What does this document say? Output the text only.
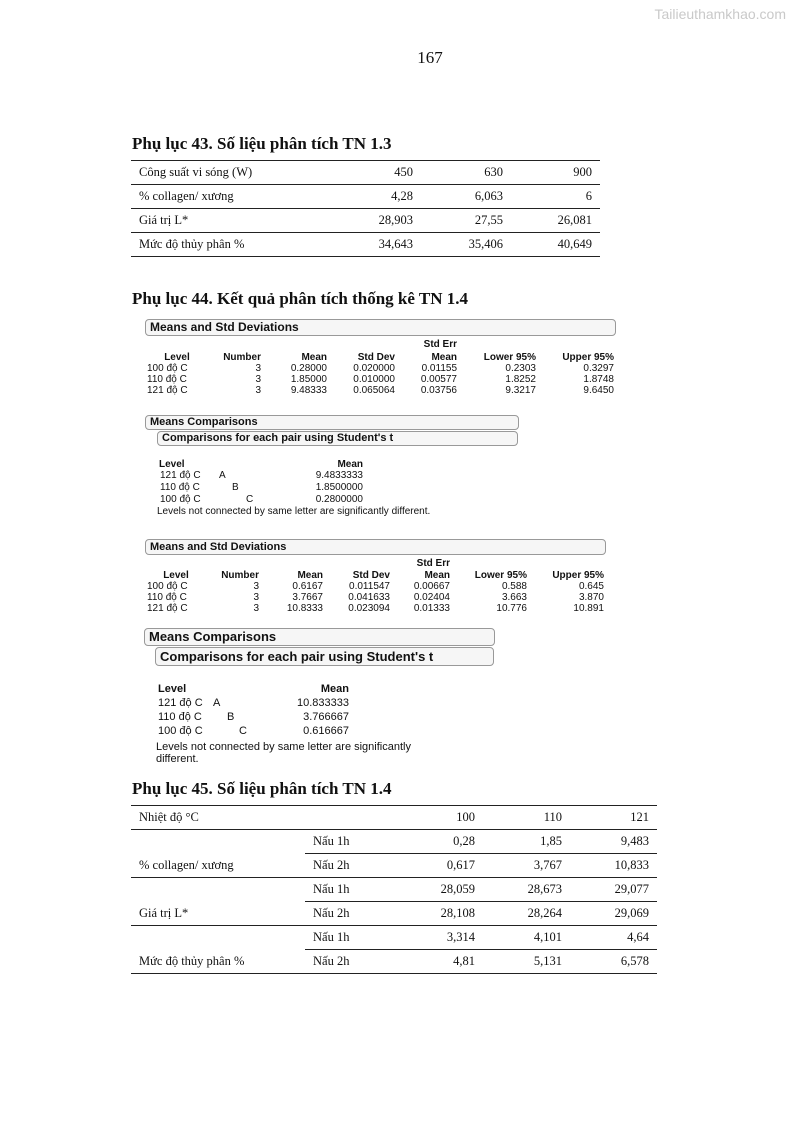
Tailieuthamkhao.com
167
Phụ lục 43. Số liệu phân tích TN 1.3
Công suất vi sóng (W)	450	630	900
% collagen/ xương	4,28	6,063	6
Giá trị L*	28,903	27,55	26,081
Mức độ thủy phân %	34,643	35,406	40,649
Phụ lục 44. Kết quả phân tích thống kê TN 1.4
Means and Std Deviations
Std Err
Level	Number	Mean	Std Dev	Mean	Lower 95%	Upper 95%
100 độ C	3	0.28000	0.020000	0.01155	0.2303	0.3297
110 độ C	3	1.85000	0.010000	0.00577	1.8252	1.8748
121 độ C	3	9.48333	0.065064	0.03756	9.3217	9.6450
Means Comparisons
Comparisons for each pair using Student's t
Level	Mean
121 độ C A	9.4833333
110 độ C	B	1.8500000
100 độ C	C	0.2800000
Levels not connected by same letter are significantly different.
Means and Std Deviations
Std Err
Level	Number	Mean	Std Dev	Mean	Lower 95%	Upper 95%
100 độ C	3	0.6167	0.011547	0.00667	0.588	0.645
110 độ C	3	3.7667	0.041633	0.02404	3.663	3.870
121 độ C	3	10.8333	0.023094	0.01333	10.776	10.891
Means Comparisons
Comparisons for each pair using Student's t
Level	Mean
121 độ C A	10.833333
110 độ C B	3.766667
100 độ C	C	0.616667
Levels not connected by same letter are significantly different.
Phụ lục 45. Số liệu phân tích TN 1.4
Nhiệt độ °C		100	110	121
	Nấu 1h	0,28	1,85	9,483
% collagen/ xương	Nấu 2h	0,617	3,767	10,833
	Nấu 1h	28,059	28,673	29,077
Giá trị L*	Nấu 2h	28,108	28,264	29,069
	Nấu 1h	3,314	4,101	4,64
Mức độ thủy phân %	Nấu 2h	4,81	5,131	6,578
